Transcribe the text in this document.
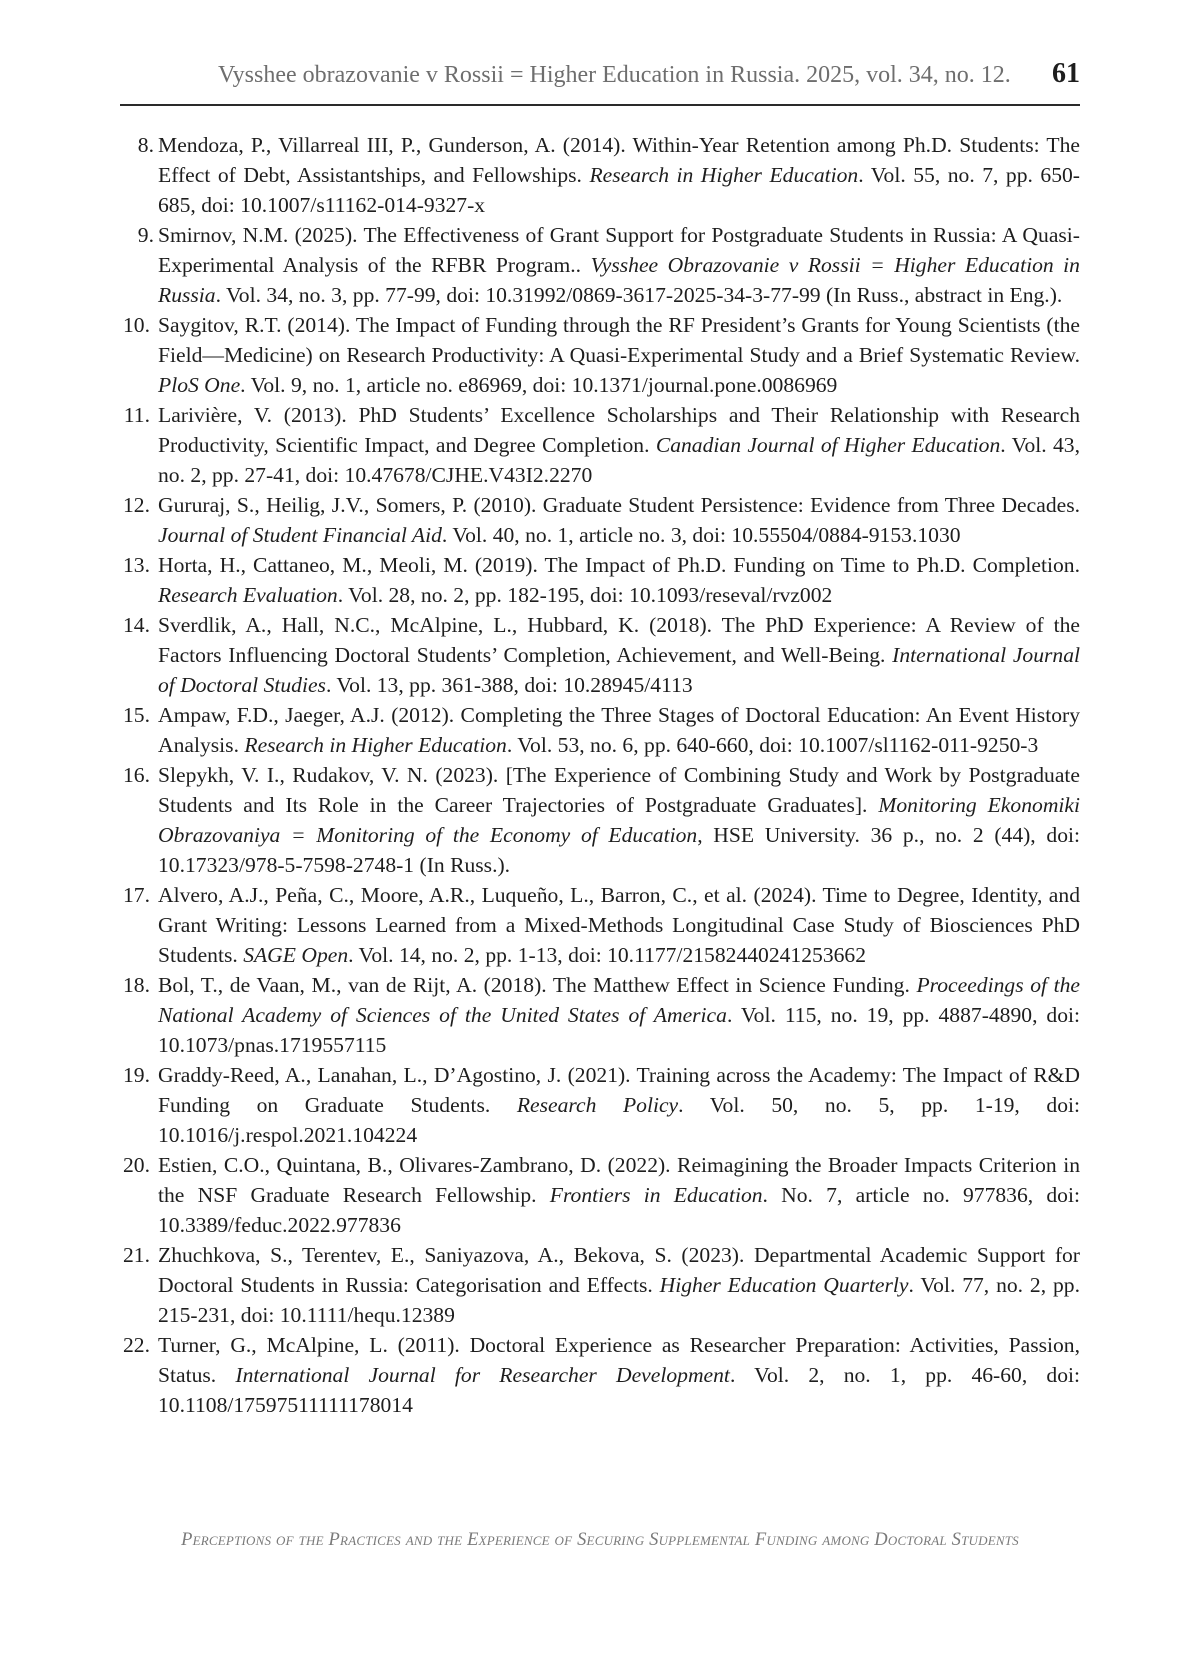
Vysshee obrazovanie v Rossii = Higher Education in Russia. 2025, vol. 34, no. 12. 61
8. Mendoza, P., Villarreal III, P., Gunderson, A. (2014). Within-Year Retention among Ph.D. Students: The Effect of Debt, Assistantships, and Fellowships. Research in Higher Education. Vol. 55, no. 7, pp. 650-685, doi: 10.1007/s11162-014-9327-x
9. Smirnov, N.M. (2025). The Effectiveness of Grant Support for Postgraduate Students in Russia: A Quasi-Experimental Analysis of the RFBR Program.. Vysshee Obrazovanie v Rossii = Higher Education in Russia. Vol. 34, no. 3, pp. 77-99, doi: 10.31992/0869-3617-2025-34-3-77-99 (In Russ., abstract in Eng.).
10. Saygitov, R.T. (2014). The Impact of Funding through the RF President’s Grants for Young Scientists (the Field—Medicine) on Research Productivity: A Quasi-Experimental Study and a Brief Systematic Review. PloS One. Vol. 9, no. 1, article no. e86969, doi: 10.1371/journal.pone.0086969
11. Larivière, V. (2013). PhD Students’ Excellence Scholarships and Their Relationship with Research Productivity, Scientific Impact, and Degree Completion. Canadian Journal of Higher Education. Vol. 43, no. 2, pp. 27-41, doi: 10.47678/CJHE.V43I2.2270
12. Gururaj, S., Heilig, J.V., Somers, P. (2010). Graduate Student Persistence: Evidence from Three Decades. Journal of Student Financial Aid. Vol. 40, no. 1, article no. 3, doi: 10.55504/0884-9153.1030
13. Horta, H., Cattaneo, M., Meoli, M. (2019). The Impact of Ph.D. Funding on Time to Ph.D. Completion. Research Evaluation. Vol. 28, no. 2, pp. 182-195, doi: 10.1093/reseval/rvz002
14. Sverdlik, A., Hall, N.C., McAlpine, L., Hubbard, K. (2018). The PhD Experience: A Review of the Factors Influencing Doctoral Students’ Completion, Achievement, and Well-Being. International Journal of Doctoral Studies. Vol. 13, pp. 361-388, doi: 10.28945/4113
15. Ampaw, F.D., Jaeger, A.J. (2012). Completing the Three Stages of Doctoral Education: An Event History Analysis. Research in Higher Education. Vol. 53, no. 6, pp. 640-660, doi: 10.1007/sl1162-011-9250-3
16. Slepykh, V. I., Rudakov, V. N. (2023). [The Experience of Combining Study and Work by Postgraduate Students and Its Role in the Career Trajectories of Postgraduate Graduates]. Monitoring Ekonomiki Obrazovaniya = Monitoring of the Economy of Education, HSE University. 36 p., no. 2 (44), doi: 10.17323/978-5-7598-2748-1 (In Russ.).
17. Alvero, A.J., Peña, C., Moore, A.R., Luqueño, L., Barron, C., et al. (2024). Time to Degree, Identity, and Grant Writing: Lessons Learned from a Mixed-Methods Longitudinal Case Study of Biosciences PhD Students. SAGE Open. Vol. 14, no. 2, pp. 1-13, doi: 10.1177/21582440241253662
18. Bol, T., de Vaan, M., van de Rijt, A. (2018). The Matthew Effect in Science Funding. Proceedings of the National Academy of Sciences of the United States of America. Vol. 115, no. 19, pp. 4887-4890, doi: 10.1073/pnas.1719557115
19. Graddy-Reed, A., Lanahan, L., D’Agostino, J. (2021). Training across the Academy: The Impact of R&D Funding on Graduate Students. Research Policy. Vol. 50, no. 5, pp. 1-19, doi: 10.1016/j.respol.2021.104224
20. Estien, C.O., Quintana, B., Olivares-Zambrano, D. (2022). Reimagining the Broader Impacts Criterion in the NSF Graduate Research Fellowship. Frontiers in Education. No. 7, article no. 977836, doi: 10.3389/feduc.2022.977836
21. Zhuchkova, S., Terentev, E., Saniyazova, A., Bekova, S. (2023). Departmental Academic Support for Doctoral Students in Russia: Categorisation and Effects. Higher Education Quarterly. Vol. 77, no. 2, pp. 215-231, doi: 10.1111/hequ.12389
22. Turner, G., McAlpine, L. (2011). Doctoral Experience as Researcher Preparation: Activities, Passion, Status. International Journal for Researcher Development. Vol. 2, no. 1, pp. 46-60, doi: 10.1108/17597511111178014
Perceptions of the Practices and the Experience of Securing Supplemental Funding among Doctoral Students
